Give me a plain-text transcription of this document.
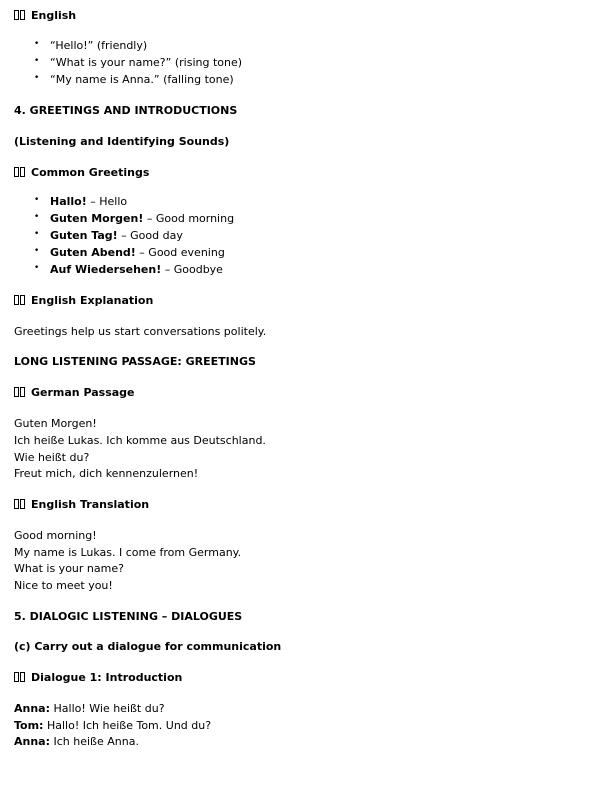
English
• “Hello!” (friendly)
• “What is your name?” (rising tone)
• “My name is Anna.” (falling tone)
4. GREETINGS AND INTRODUCTIONS
(Listening and Identifying Sounds)
Common Greetings
• Hallo! – Hello
• Guten Morgen! – Good morning
• Guten Tag! – Good day
• Guten Abend! – Good evening
• Auf Wiedersehen! – Goodbye
English Explanation
Greetings help us start conversations politely.
LONG LISTENING PASSAGE: GREETINGS
German Passage
Guten Morgen!
Ich heiße Lukas. Ich komme aus Deutschland.
Wie heißt du?
Freut mich, dich kennenzulernen!
English Translation
Good morning!
My name is Lukas. I come from Germany.
What is your name?
Nice to meet you!
5. DIALOGIC LISTENING – DIALOGUES
(c) Carry out a dialogue for communication
Dialogue 1: Introduction
Anna: Hallo! Wie heißt du?
Tom: Hallo! Ich heiße Tom. Und du?
Anna: Ich heiße Anna.
